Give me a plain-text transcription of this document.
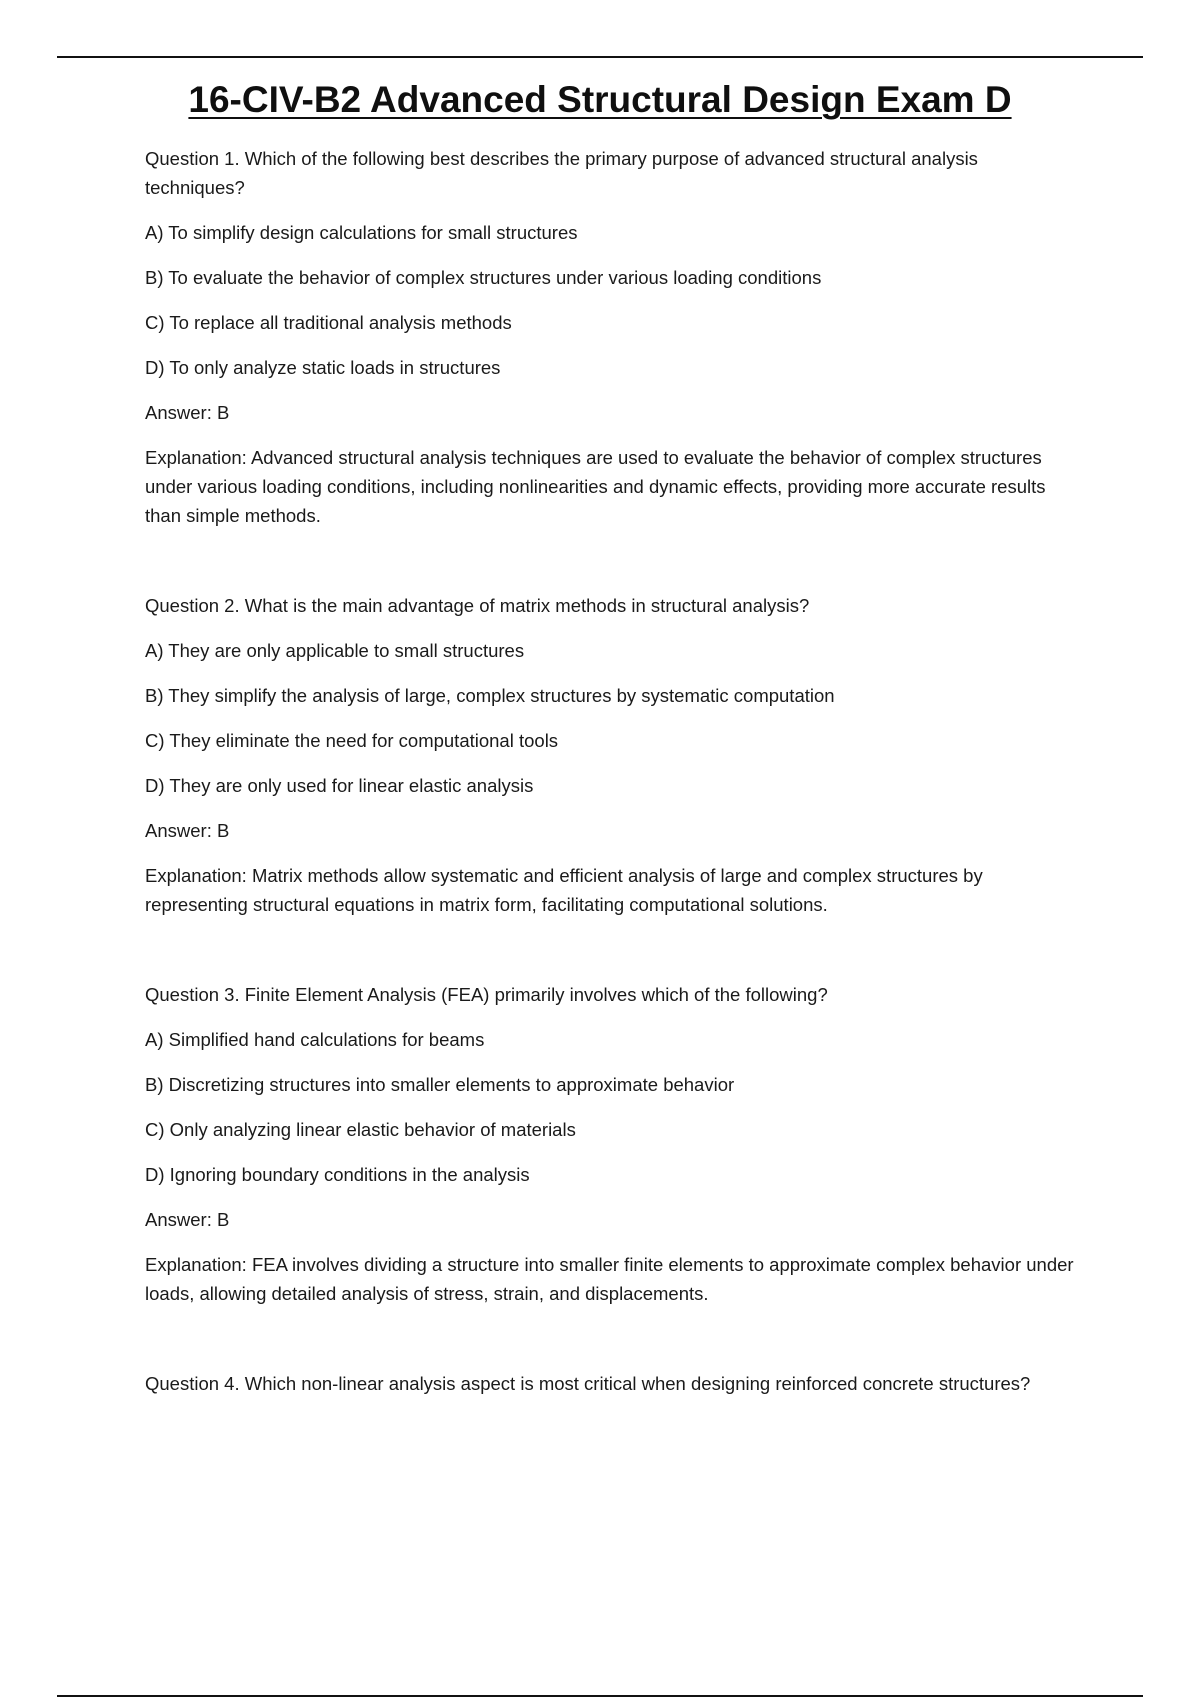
16-CIV-B2 Advanced Structural Design Exam D

Question 1. Which of the following best describes the primary purpose of advanced structural analysis techniques?

A) To simplify design calculations for small structures

B) To evaluate the behavior of complex structures under various loading conditions

C) To replace all traditional analysis methods

D) To only analyze static loads in structures

Answer: B

Explanation: Advanced structural analysis techniques are used to evaluate the behavior of complex structures under various loading conditions, including nonlinearities and dynamic effects, providing more accurate results than simple methods.

Question 2. What is the main advantage of matrix methods in structural analysis?

A) They are only applicable to small structures

B) They simplify the analysis of large, complex structures by systematic computation

C) They eliminate the need for computational tools

D) They are only used for linear elastic analysis

Answer: B

Explanation: Matrix methods allow systematic and efficient analysis of large and complex structures by representing structural equations in matrix form, facilitating computational solutions.

Question 3. Finite Element Analysis (FEA) primarily involves which of the following?

A) Simplified hand calculations for beams

B) Discretizing structures into smaller elements to approximate behavior

C) Only analyzing linear elastic behavior of materials

D) Ignoring boundary conditions in the analysis

Answer: B

Explanation: FEA involves dividing a structure into smaller finite elements to approximate complex behavior under loads, allowing detailed analysis of stress, strain, and displacements.

Question 4. Which non-linear analysis aspect is most critical when designing reinforced concrete structures?
